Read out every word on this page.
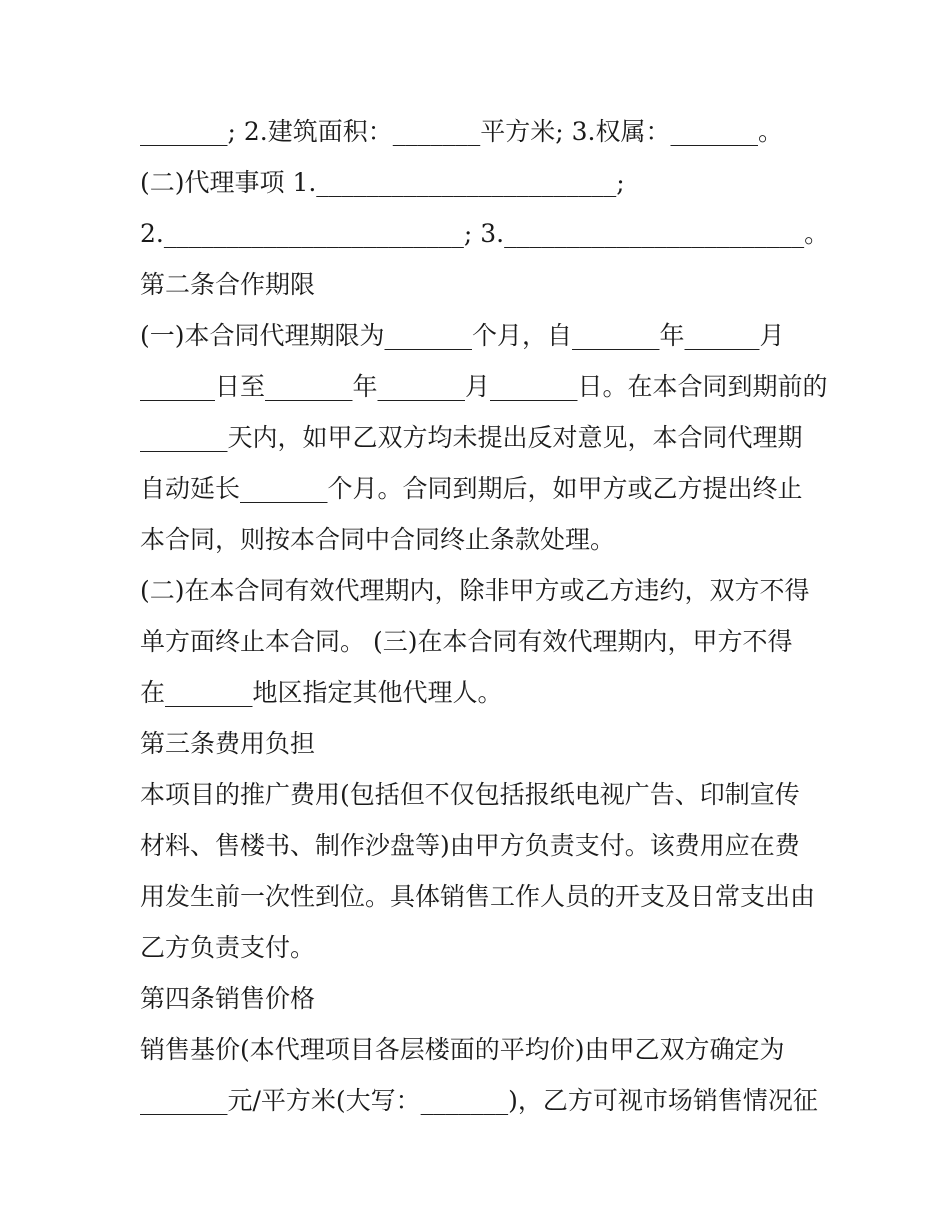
_______; 2.建筑面积：_______平方米; 3.权属：_______。
(二)代理事项 1.________________________;
2.________________________; 3.________________________。
第二条合作期限
(一)本合同代理期限为_______个月，自_______年______月
______日至_______年_______月_______日。在本合同到期前的
_______天内，如甲乙双方均未提出反对意见，本合同代理期
自动延长_______个月。合同到期后，如甲方或乙方提出终止
本合同，则按本合同中合同终止条款处理。
(二)在本合同有效代理期内，除非甲方或乙方违约，双方不得
单方面终止本合同。 (三)在本合同有效代理期内，甲方不得
在_______地区指定其他代理人。
第三条费用负担
本项目的推广费用(包括但不仅包括报纸电视广告、印制宣传
材料、售楼书、制作沙盘等)由甲方负责支付。该费用应在费
用发生前一次性到位。具体销售工作人员的开支及日常支出由
乙方负责支付。
第四条销售价格
销售基价(本代理项目各层楼面的平均价)由甲乙双方确定为
_______元/平方米(大写：_______)，乙方可视市场销售情况征
